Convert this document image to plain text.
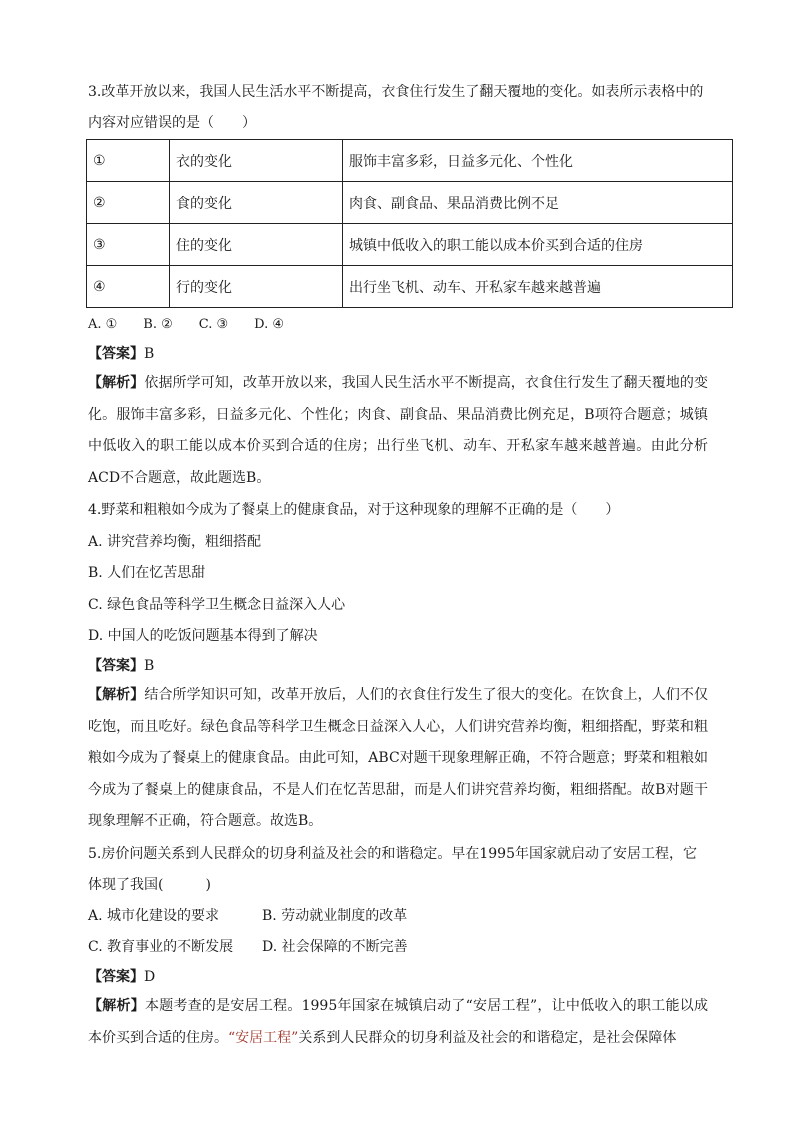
3.改革开放以来，我国人民生活水平不断提高，衣食住行发生了翻天覆地的变化。如表所示表格中的
内容对应错误的是（　　）
①	衣的变化	服饰丰富多彩，日益多元化、个性化
②	食的变化	肉食、副食品、果品消费比例不足
③	住的变化	城镇中低收入的职工能以成本价买到合适的住房
④	行的变化	出行坐飞机、动车、开私家车越来越普遍
A. ①　　B. ②　　C. ③　　D. ④
【答案】B
【解析】依据所学可知，改革开放以来，我国人民生活水平不断提高，衣食住行发生了翻天覆地的变化。服饰丰富多彩，日益多元化、个性化；肉食、副食品、果品消费比例充足，B项符合题意；城镇中低收入的职工能以成本价买到合适的住房；出行坐飞机、动车、开私家车越来越普遍。由此分析ACD不合题意，故此题选B。
4.野菜和粗粮如今成为了餐桌上的健康食品，对于这种现象的理解不正确的是（　　）
A. 讲究营养均衡，粗细搭配
B. 人们在忆苦思甜
C. 绿色食品等科学卫生概念日益深入人心
D. 中国人的吃饭问题基本得到了解决
【答案】B
【解析】结合所学知识可知，改革开放后，人们的衣食住行发生了很大的变化。在饮食上，人们不仅吃饱，而且吃好。绿色食品等科学卫生概念日益深入人心，人们讲究营养均衡，粗细搭配，野菜和粗粮如今成为了餐桌上的健康食品。由此可知，ABC对题干现象理解正确，不符合题意；野菜和粗粮如今成为了餐桌上的健康食品，不是人们在忆苦思甜，而是人们讲究营养均衡，粗细搭配。故B对题干现象理解不正确，符合题意。故选B。
5.房价问题关系到人民群众的切身利益及社会的和谐稳定。早在1995年国家就启动了安居工程，它
体现了我国(　　　)
A. 城市化建设的要求	B. 劳动就业制度的改革
C. 教育事业的不断发展 D. 社会保障的不断完善
【答案】D
【解析】本题考查的是安居工程。1995年国家在城镇启动了“安居工程”，让中低收入的职工能以成本价买到合适的住房。“安居工程”关系到人民群众的切身利益及社会的和谐稳定，是社会保障体
